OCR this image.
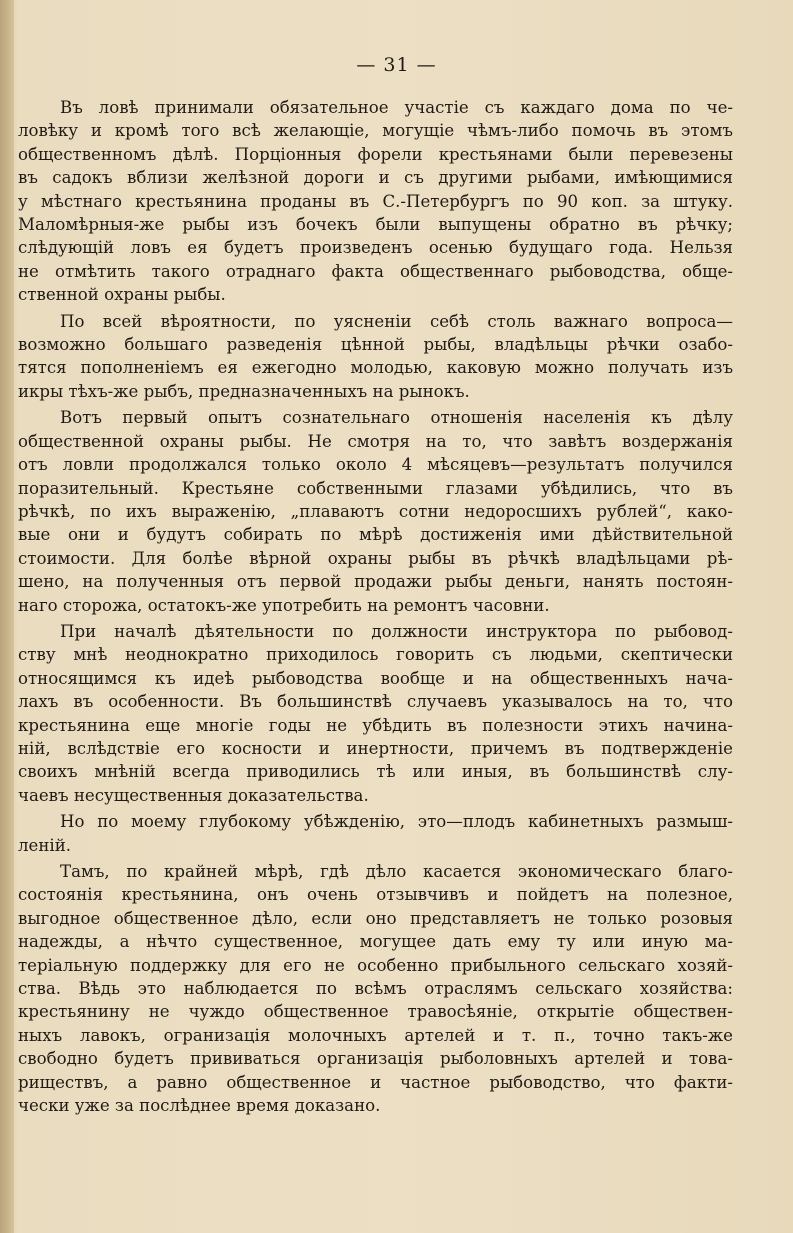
— 31 —

Въ ловѣ принимали обязательное участіе съ каждаго дома по че-
ловѣку и кромѣ того всѣ желающіе, могущіе чѣмъ-либо помочь въ этомъ
общественномъ дѣлѣ. Порціонныя форели крестьянами были перевезены
въ садокъ вблизи желѣзной дороги и съ другими рыбами, имѣющимися
у мѣстнаго крестьянина проданы въ С.-Петербургъ по 90 коп. за штуку.
Маломѣрныя-же рыбы изъ бочекъ были выпущены обратно въ рѣчку;
слѣдующій ловъ ея будетъ произведенъ осенью будущаго года. Нельзя
не отмѣтить такого отраднаго факта общественнаго рыбоводства, обще-
ственной охраны рыбы.

По всей вѣроятности, по уясненіи себѣ столь важнаго вопроса—
возможно большаго разведенія цѣнной рыбы, владѣльцы рѣчки озабо-
тятся пополненіемъ ея ежегодно молодью, каковую можно получать изъ
икры тѣхъ-же рыбъ, предназначенныхъ на рынокъ.

Вотъ первый опытъ сознательнаго отношенія населенія къ дѣлу
общественной охраны рыбы. Не смотря на то, что завѣтъ воздержанія
отъ ловли продолжался только около 4 мѣсяцевъ—результатъ получился
поразительный. Крестьяне собственными глазами убѣдились, что въ
рѣчкѣ, по ихъ выраженію, „плаваютъ сотни недоросшихъ рублей“, како-
вые они и будутъ собирать по мѣрѣ достиженія ими дѣйствительной
стоимости. Для болѣе вѣрной охраны рыбы въ рѣчкѣ владѣльцами рѣ-
шено, на полученныя отъ первой продажи рыбы деньги, нанять постоян-
наго сторожа, остатокъ-же употребить на ремонтъ часовни.

При началѣ дѣятельности по должности инструктора по рыбовод-
ству мнѣ неоднократно приходилось говорить съ людьми, скептически
относящимся къ идеѣ рыбоводства вообще и на общественныхъ нача-
лахъ въ особенности. Въ большинствѣ случаевъ указывалось на то, что
крестьянина еще многіе годы не убѣдить въ полезности этихъ начина-
ній, вслѣдствіе его косности и инертности, причемъ въ подтвержденіе
своихъ мнѣній всегда приводились тѣ или иныя, въ большинствѣ слу-
чаевъ несущественныя доказательства.

Но по моему глубокому убѣжденію, это—плодъ кабинетныхъ размыш-
леній.

Тамъ, по крайней мѣрѣ, гдѣ дѣло касается экономическаго благо-
состоянія крестьянина, онъ очень отзывчивъ и пойдетъ на полезное,
выгодное общественное дѣло, если оно представляетъ не только розовыя
надежды, а нѣчто существенное, могущее дать ему ту или иную ма-
теріальную поддержку для его не особенно прибыльного сельскаго хозяй-
ства. Вѣдь это наблюдается по всѣмъ отраслямъ сельскаго хозяйства:
крестьянину не чуждо общественное травосѣяніе, открытіе обществен-
ныхъ лавокъ, огранизація молочныхъ артелей и т. п., точно такъ-же
свободно будетъ прививаться организація рыболовныхъ артелей и това-
риществъ, а равно общественное и частное рыбоводство, что факти-
чески уже за послѣднее время доказано.
